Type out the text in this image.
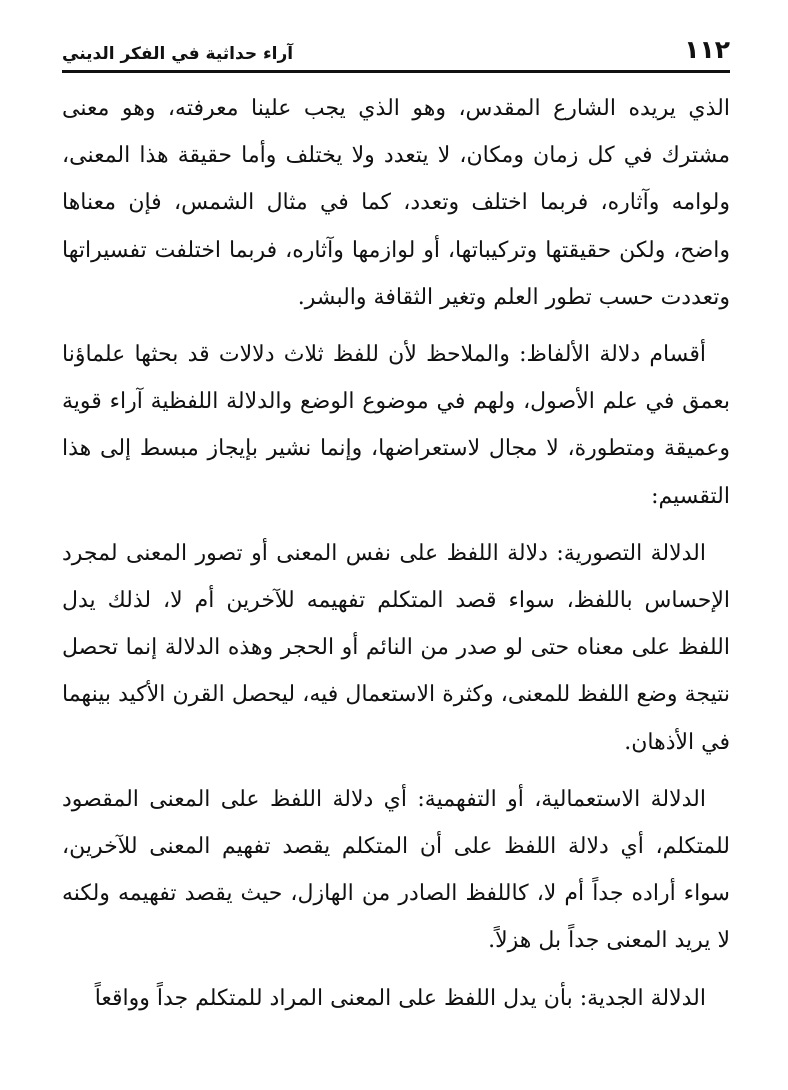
١١٢
آراء حداثية في الفكر الديني

الذي يريده الشارع المقدس، وهو الذي يجب علينا معرفته، وهو معنى مشترك في كل زمان ومكان، لا يتعدد ولا يختلف وأما حقيقة هذا المعنى، ولوامه وآثاره، فربما اختلف وتعدد، كما في مثال الشمس، فإن معناها واضح، ولكن حقيقتها وتركيباتها، أو لوازمها وآثاره، فربما اختلفت تفسيراتها وتعددت حسب تطور العلم وتغير الثقافة والبشر.

أقسام دلالة الألفاظ: والملاحظ لأن للفظ ثلاث دلالات قد بحثها علماؤنا بعمق في علم الأصول، ولهم في موضوع الوضع والدلالة اللفظية آراء قوية وعميقة ومتطورة، لا مجال لاستعراضها، وإنما نشير بإيجاز مبسط إلى هذا التقسيم:

الدلالة التصورية: دلالة اللفظ على نفس المعنى أو تصور المعنى لمجرد الإحساس باللفظ، سواء قصد المتكلم تفهيمه للآخرين أم لا، لذلك يدل اللفظ على معناه حتى لو صدر من النائم أو الحجر وهذه الدلالة إنما تحصل نتيجة وضع اللفظ للمعنى، وكثرة الاستعمال فيه، ليحصل القرن الأكيد بينهما في الأذهان.

الدلالة الاستعمالية، أو التفهمية: أي دلالة اللفظ على المعنى المقصود للمتكلم، أي دلالة اللفظ على أن المتكلم يقصد تفهيم المعنى للآخرين، سواء أراده جداً أم لا، كاللفظ الصادر من الهازل، حيث يقصد تفهيمه ولكنه لا يريد المعنى جداً بل هزلاً.

الدلالة الجدية: بأن يدل اللفظ على المعنى المراد للمتكلم جداً وواقعاً
